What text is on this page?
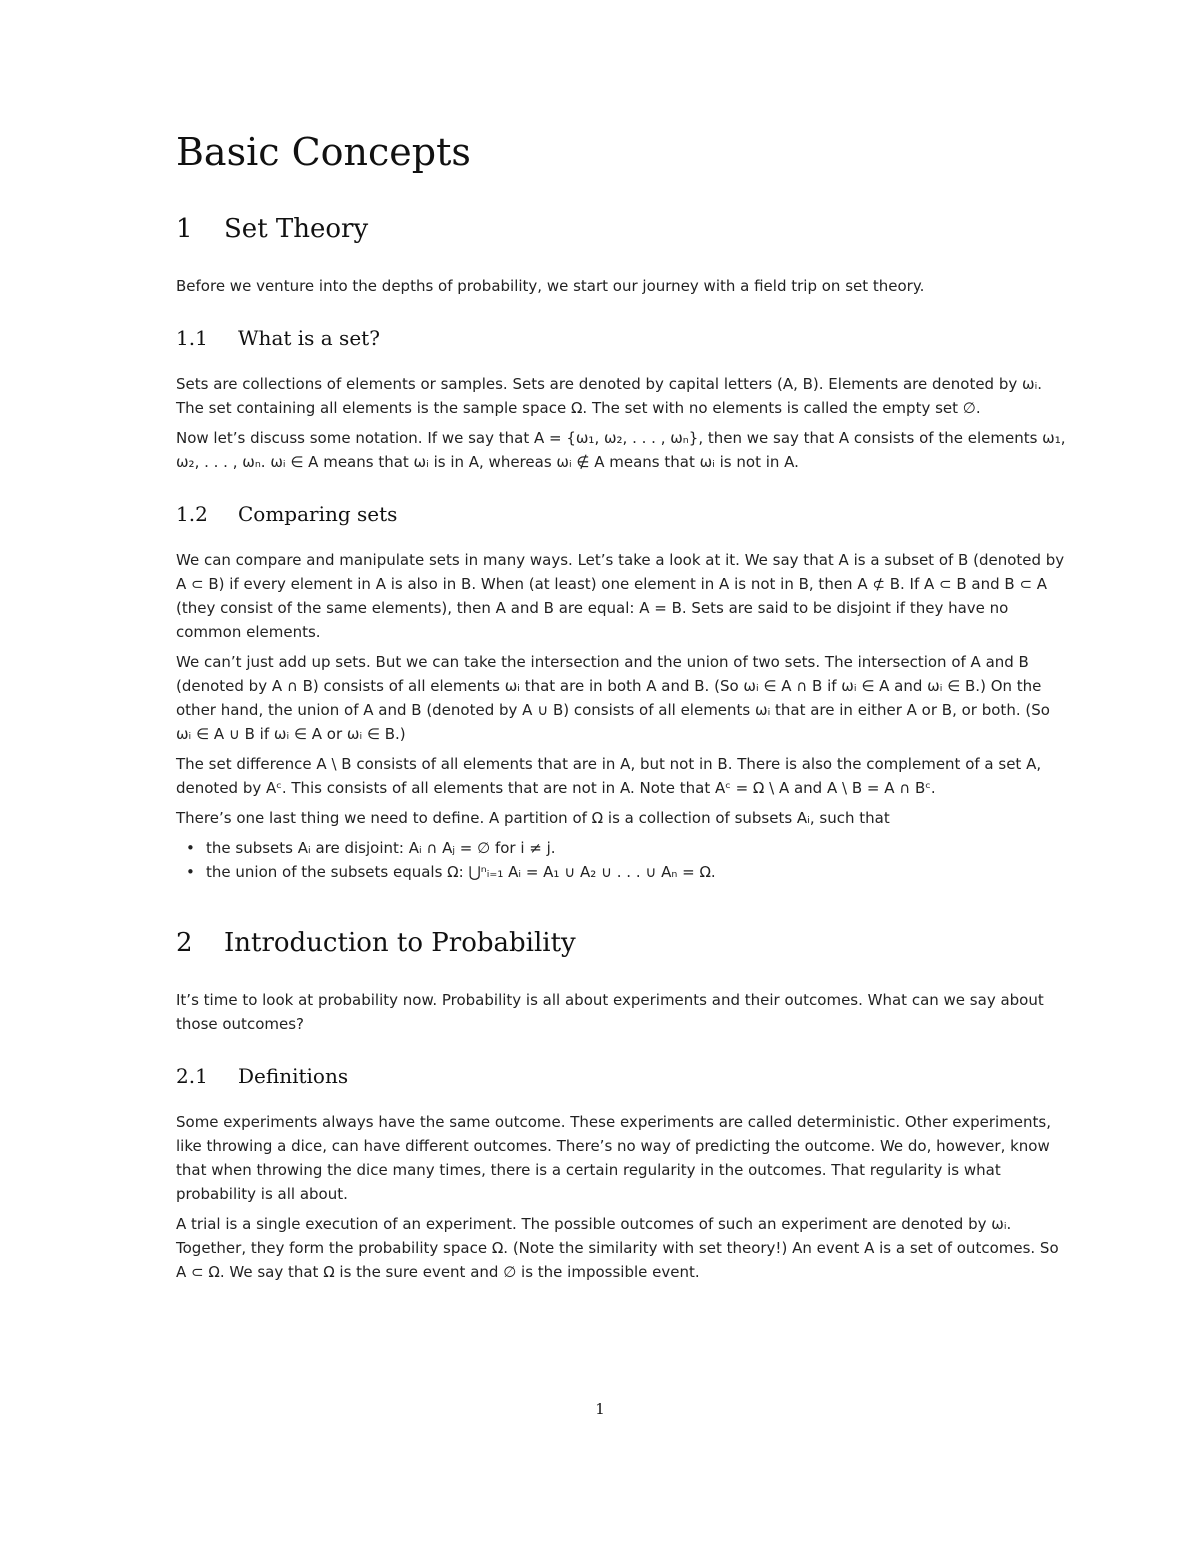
Basic Concepts
1 Set Theory

Before we venture into the depths of probability, we start our journey with a field trip on set theory.

1.1 What is a set?

Sets are collections of elements or samples. Sets are denoted by capital letters (A, B). Elements are denoted by ωᵢ. The set containing all elements is the sample space Ω. The set with no elements is called the empty set ∅.

Now let’s discuss some notation. If we say that A = {ω₁, ω₂, . . . , ωₙ}, then we say that A consists of the elements ω₁, ω₂, . . . , ωₙ. ωᵢ ∈ A means that ωᵢ is in A, whereas ωᵢ ∉ A means that ωᵢ is not in A.

1.2 Comparing sets

We can compare and manipulate sets in many ways. Let’s take a look at it. We say that A is a subset of B (denoted by A ⊂ B) if every element in A is also in B. When (at least) one element in A is not in B, then A ⊄ B. If A ⊂ B and B ⊂ A (they consist of the same elements), then A and B are equal: A = B. Sets are said to be disjoint if they have no common elements.

We can’t just add up sets. But we can take the intersection and the union of two sets. The intersection of A and B (denoted by A ∩ B) consists of all elements ωᵢ that are in both A and B. (So ωᵢ ∈ A ∩ B if ωᵢ ∈ A and ωᵢ ∈ B.) On the other hand, the union of A and B (denoted by A ∪ B) consists of all elements ωᵢ that are in either A or B, or both. (So ωᵢ ∈ A ∪ B if ωᵢ ∈ A or ωᵢ ∈ B.)

The set difference A \ B consists of all elements that are in A, but not in B. There is also the complement of a set A, denoted by Aᶜ. This consists of all elements that are not in A. Note that Aᶜ = Ω \ A and A \ B = A ∩ Bᶜ.

There’s one last thing we need to define. A partition of Ω is a collection of subsets Aᵢ, such that

• the subsets Aᵢ are disjoint: Aᵢ ∩ Aⱼ = ∅ for i ≠ j.
• the union of the subsets equals Ω: ⋃ⁿᵢ₌₁ Aᵢ = A₁ ∪ A₂ ∪ . . . ∪ Aₙ = Ω.
2 Introduction to Probability

It’s time to look at probability now. Probability is all about experiments and their outcomes. What can we say about those outcomes?

2.1 Definitions

Some experiments always have the same outcome. These experiments are called deterministic. Other experiments, like throwing a dice, can have different outcomes. There’s no way of predicting the outcome. We do, however, know that when throwing the dice many times, there is a certain regularity in the outcomes. That regularity is what probability is all about.

A trial is a single execution of an experiment. The possible outcomes of such an experiment are denoted by ωᵢ. Together, they form the probability space Ω. (Note the similarity with set theory!) An event A is a set of outcomes. So A ⊂ Ω. We say that Ω is the sure event and ∅ is the impossible event.

1
